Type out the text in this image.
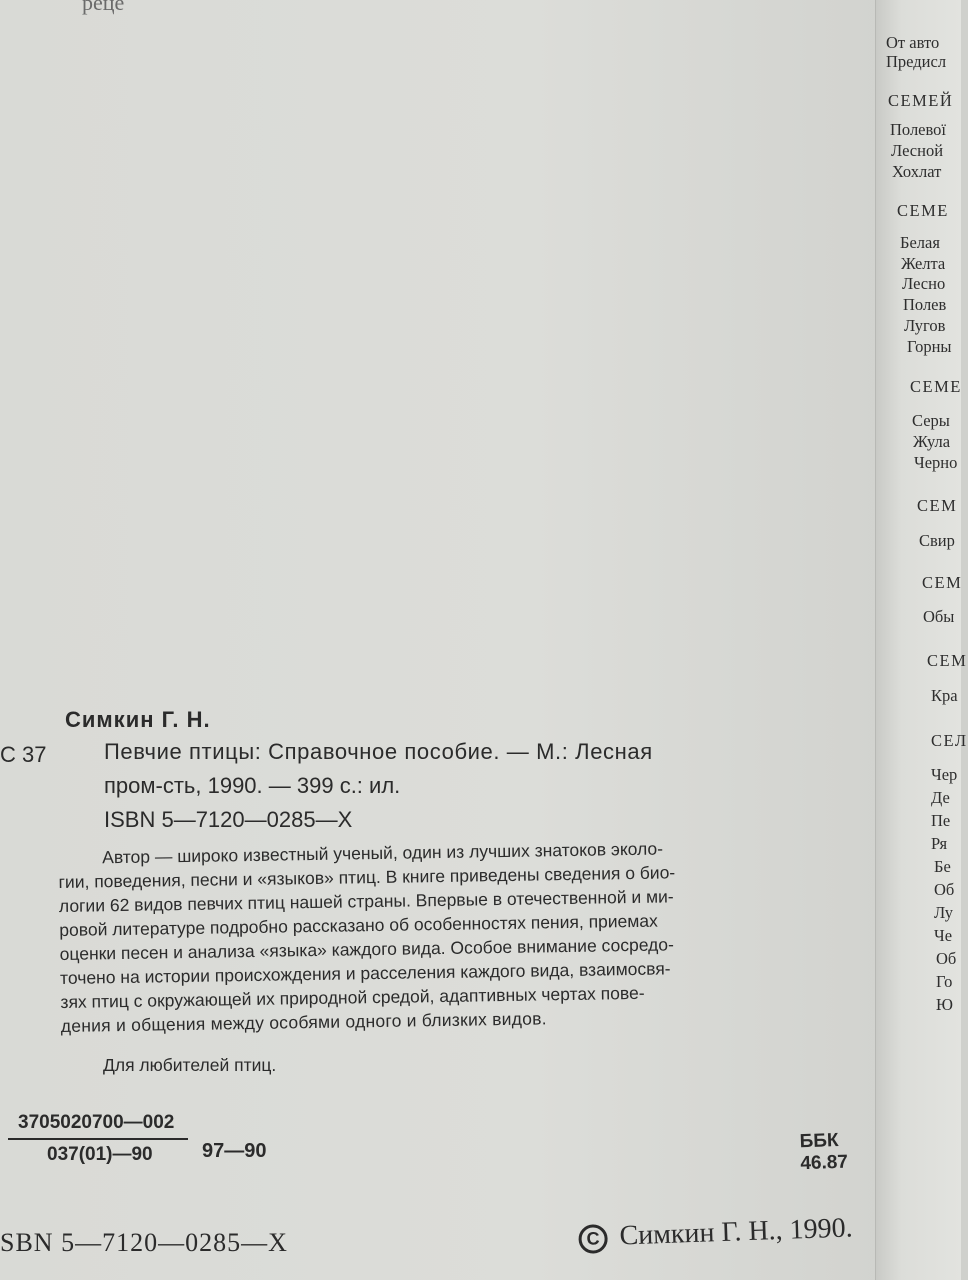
реце
Симкин Г. Н.
С 37	Певчие птицы: Справочное пособие. — М.: Лесная
пром-сть, 1990. — 399 с.: ил.
ISBN 5—7120—0285—X
Автор — широко известный ученый, один из лучших знатоков эколо-
гии, поведения, песни и «языков» птиц. В книге приведены сведения о био-
логии 62 видов певчих птиц нашей страны. Впервые в отечественной и ми-
ровой литературе подробно рассказано об особенностях пения, приемах
оценки песен и анализа «языка» каждого вида. Особое внимание сосредо-
точено на истории происхождения и расселения каждого вида, взаимосвя-
зях птиц с окружающей их природной средой, адаптивных чертах пове-
дения и общения между особями одного и близких видов.
Для любителей птиц.
3705020700—002
037(01)—90 97—90	ББК 46.87
SBN 5—7120—0285—X	C Симкин Г. Н., 1990.
От авто
Предисл
СЕМЕЙ
Полевої
Лесной
Хохлат
СЕМЕ
Белая
Желта
Лесно
Полев
Лугов
Горны
СЕМЕ
Серы
Жула
Черно
СЕМ
Свир
СЕМ
Обы
СЕМ
Кра
СЕЛ
Чер
Де
Пе
Ря
Бе
Об
Лу
Че
Об
Го
Ю
